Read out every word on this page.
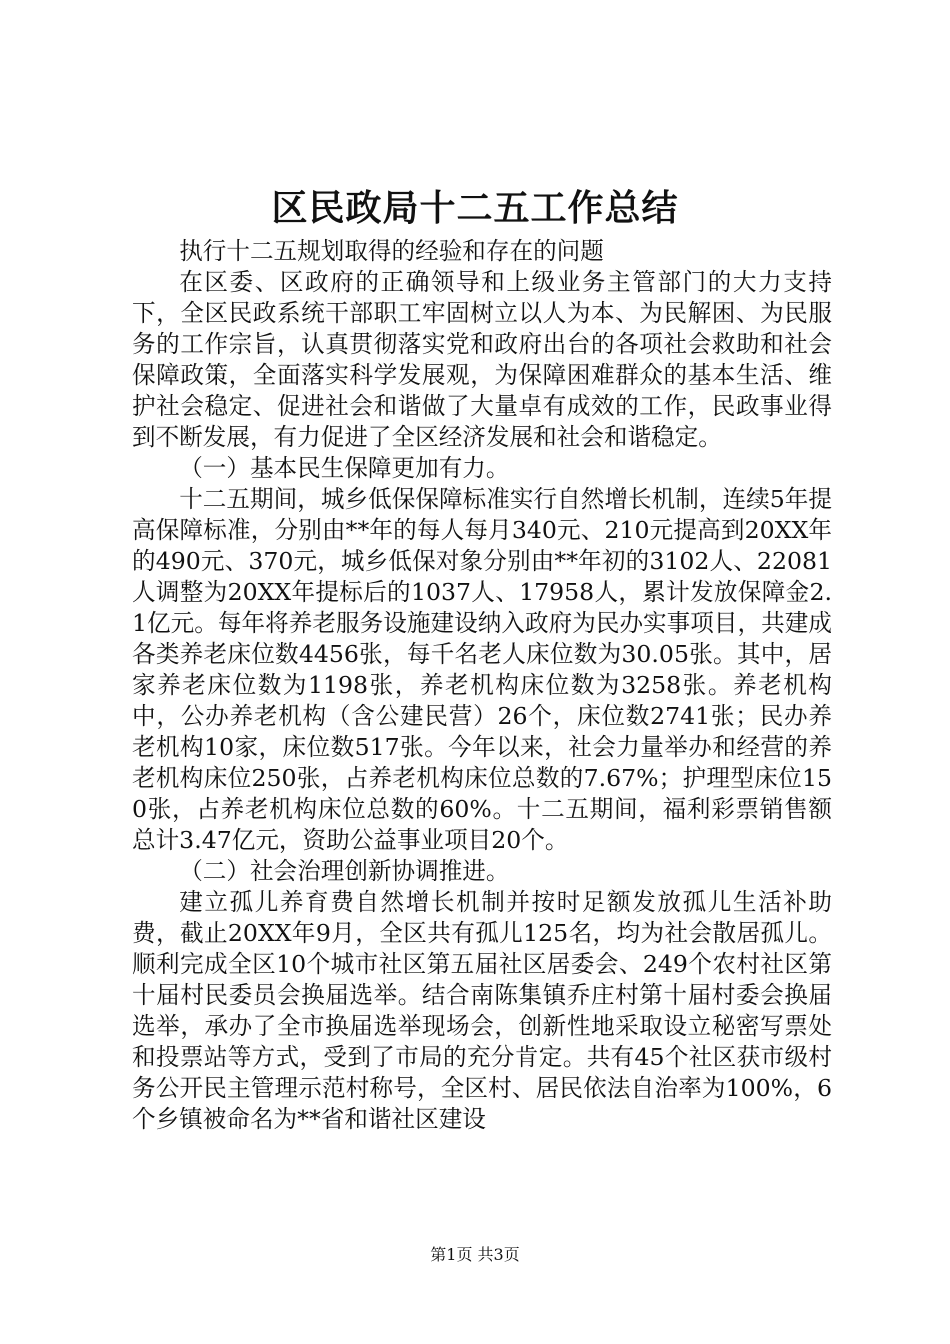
区民政局十二五工作总结

执行十二五规划取得的经验和存在的问题

在区委、区政府的正确领导和上级业务主管部门的大力支持下，全区民政系统干部职工牢固树立以人为本、为民解困、为民服务的工作宗旨，认真贯彻落实党和政府出台的各项社会救助和社会保障政策，全面落实科学发展观，为保障困难群众的基本生活、维护社会稳定、促进社会和谐做了大量卓有成效的工作，民政事业得到不断发展，有力促进了全区经济发展和社会和谐稳定。

（一）基本民生保障更加有力。

十二五期间，城乡低保保障标准实行自然增长机制，连续5年提高保障标准，分别由**年的每人每月340元、210元提高到20XX年的490元、370元，城乡低保对象分别由**年初的3102人、22081人调整为20XX年提标后的1037人、17958人，累计发放保障金2.1亿元。每年将养老服务设施建设纳入政府为民办实事项目，共建成各类养老床位数4456张，每千名老人床位数为30.05张。其中，居家养老床位数为1198张，养老机构床位数为3258张。养老机构中，公办养老机构（含公建民营）26个，床位数2741张；民办养老机构10家，床位数517张。今年以来，社会力量举办和经营的养老机构床位250张，占养老机构床位总数的7.67%；护理型床位150张，占养老机构床位总数的60%。十二五期间，福利彩票销售额总计3.47亿元，资助公益事业项目20个。

（二）社会治理创新协调推进。

建立孤儿养育费自然增长机制并按时足额发放孤儿生活补助费，截止20XX年9月，全区共有孤儿125名，均为社会散居孤儿。顺利完成全区10个城市社区第五届社区居委会、249个农村社区第十届村民委员会换届选举。结合南陈集镇乔庄村第十届村委会换届选举，承办了全市换届选举现场会，创新性地采取设立秘密写票处和投票站等方式，受到了市局的充分肯定。共有45个社区获市级村务公开民主管理示范村称号，全区村、居民依法自治率为100%，6个乡镇被命名为**省和谐社区建设

第1页 共3页
